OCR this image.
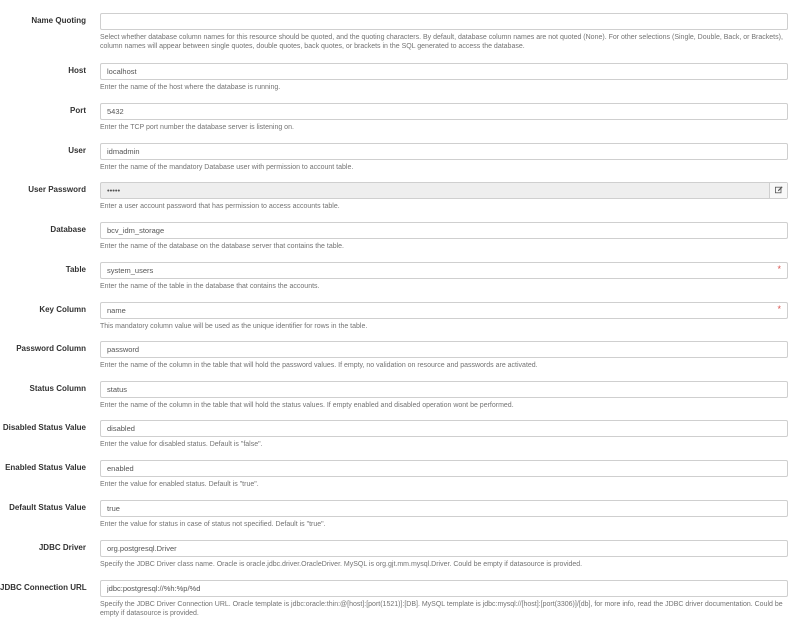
Name Quoting
Select whether database column names for this resource should be quoted, and the quoting characters. By default, database column names are not quoted (None). For other selections (Single, Double, Back, or Brackets), column names will appear between single quotes, double quotes, back quotes, or brackets in the SQL generated to access the database.
Host
localhost
Enter the name of the host where the database is running.
Port
5432
Enter the TCP port number the database server is listening on.
User
idmadmin
Enter the name of the mandatory Database user with permission to account table.
User Password
•••••
Enter a user account password that has permission to access accounts table.
Database
bcv_idm_storage
Enter the name of the database on the database server that contains the table.
Table
system_users	*
Enter the name of the table in the database that contains the accounts.
Key Column
name	*
This mandatory column value will be used as the unique identifier for rows in the table.
Password Column
password
Enter the name of the column in the table that will hold the password values. If empty, no validation on resource and passwords are activated.
Status Column
status
Enter the name of the column in the table that will hold the status values. If empty enabled and disabled operation wont be performed.
Disabled Status Value
disabled
Enter the value for disabled status. Default is "false".
Enabled Status Value
enabled
Enter the value for enabled status. Default is "true".
Default Status Value
true
Enter the value for status in case of status not specified. Default is "true".
JDBC Driver
org.postgresql.Driver
Specify the JDBC Driver class name. Oracle is oracle.jdbc.driver.OracleDriver. MySQL is org.gjt.mm.mysql.Driver. Could be empty if datasource is provided.
JDBC Connection URL
jdbc:postgresql://%h:%p/%d
Specify the JDBC Driver Connection URL. Oracle template is jdbc:oracle:thin:@[host]:[port(1521)]:[DB]. MySQL template is jdbc:mysql://[host]:[port(3306)]/[db], for more info, read the JDBC driver documentation. Could be empty if datasource is provided.
